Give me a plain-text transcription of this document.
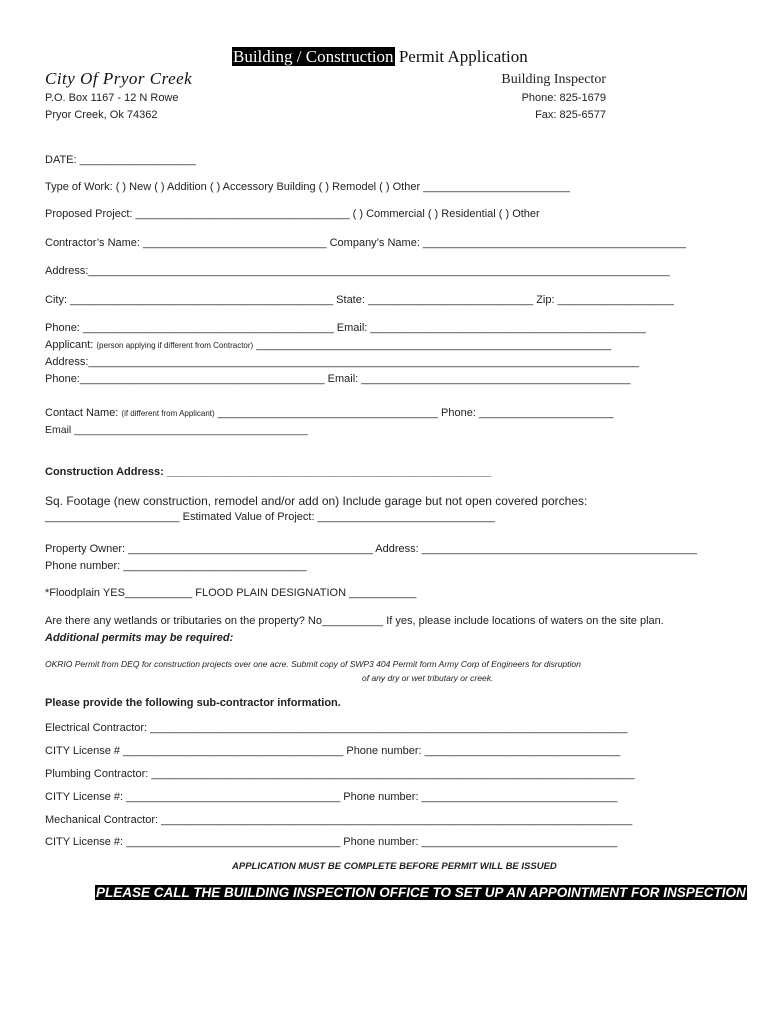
Building / Construction Permit Application
City Of Pryor Creek
P.O. Box 1167 - 12 N Rowe
Pryor Creek, Ok 74362
Building Inspector
Phone: 825-1679
Fax: 825-6577
DATE: ___________________
Type of Work: ( ) New ( ) Addition ( ) Accessory Building ( ) Remodel ( ) Other ________________________
Proposed Project: ___________________________________ ( ) Commercial ( ) Residential ( ) Other
Contractor’s Name: ______________________________ Company’s Name: ___________________________________________
Address:_______________________________________________________________________________________________
City: ___________________________________________ State: ___________________________ Zip: ___________________
Phone: _________________________________________ Email: _____________________________________________
Applicant: (person applying if different from Contractor) __________________________________________________________
Address:__________________________________________________________________________________________
Phone:________________________________________ Email: ____________________________________________
Contact Name: (if different from Applicant) ____________________________________ Phone: ______________________
Email ________________________________________
Construction Address: _____________________________________________________
Sq. Footage (new construction, remodel and/or add on) Include garage but not open covered porches:
______________________ Estimated Value of Project: _____________________________
Property Owner: ________________________________________ Address: _____________________________________________
Phone number: ______________________________
*Floodplain YES___________ FLOOD PLAIN DESIGNATION ___________
Are there any wetlands or tributaries on the property? No__________ If yes, please include locations of waters on the site plan.
Additional permits may be required:
OKRIO Permit from DEQ for construction projects over one acre. Submit copy of SWP3 404 Permit form Army Corp of Engineers for disruption
of any dry or wet tributary or creek.
Please provide the following sub-contractor information.
Electrical Contractor: ______________________________________________________________________________
CITY License # ____________________________________ Phone number: ________________________________
Plumbing Contractor: _______________________________________________________________________________
CITY License #: ___________________________________ Phone number: ________________________________
Mechanical Contractor: _____________________________________________________________________________
CITY License #: ___________________________________ Phone number: ________________________________
APPLICATION MUST BE COMPLETE BEFORE PERMIT WILL BE ISSUED
PLEASE CALL THE BUILDING INSPECTION OFFICE TO SET UP AN APPOINTMENT FOR INSPECTION
